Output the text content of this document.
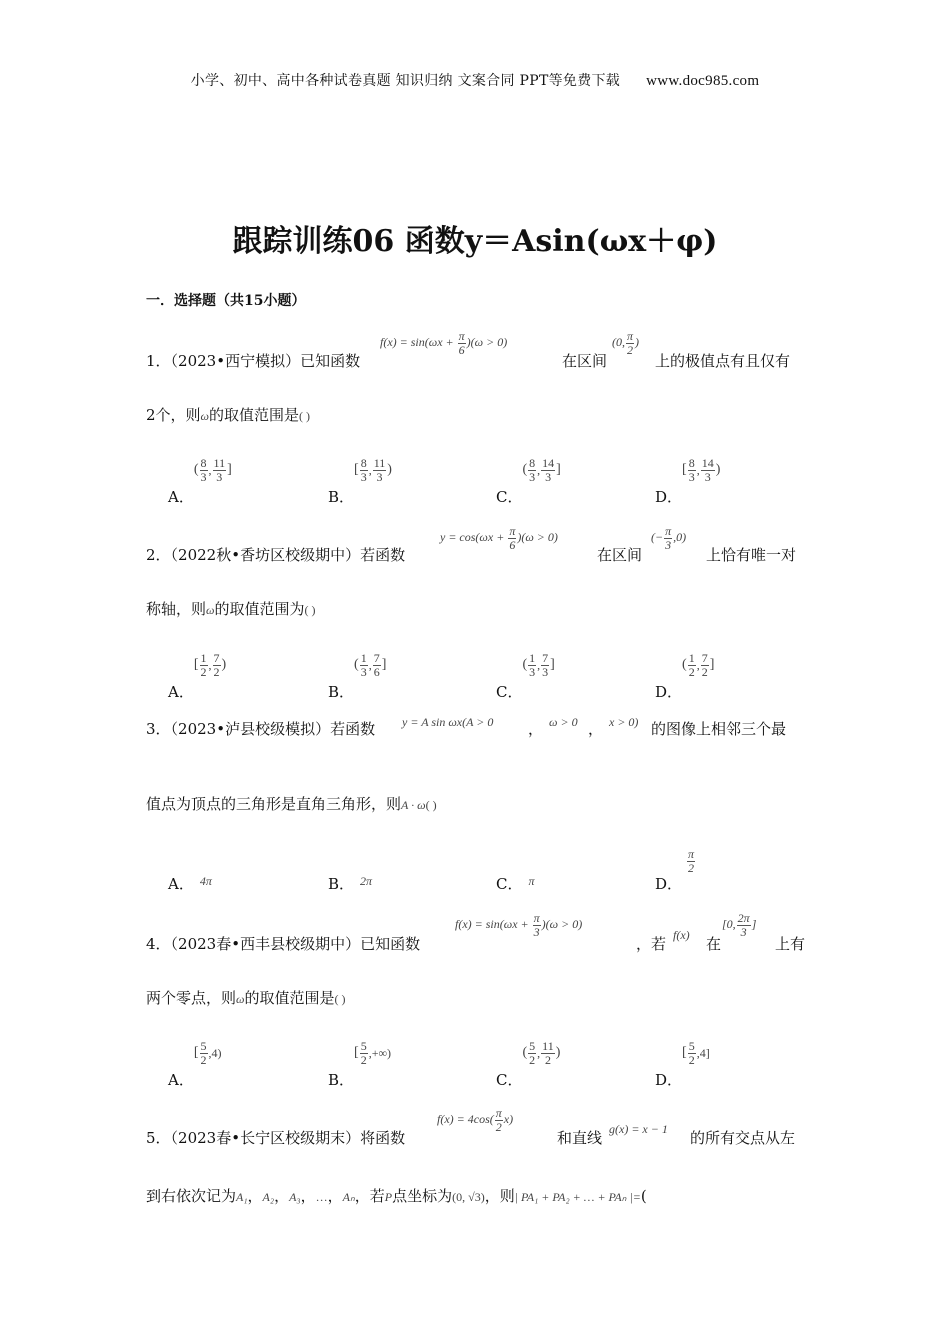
小学、初中、高中各种试卷真题 知识归纳 文案合同 PPT等免费下载 www.doc985.com
跟踪训练06 函数y＝Asin(ωx＋φ)
一．选择题（共15小题）
1．（2023•西宁模拟）已知函数
$f(x) = \sin(\omega x + \frac{\pi}{6} )(\omega > 0)$
在区间
(0, $\frac{\pi}{2}$ )
上的极值点有且仅有
2个，则ω的取值范围是( )
A．( $\frac{8}{3}$ , $\frac{11}{3}$ ]
B．[ $\frac{8}{3}$ , $\frac{11}{3}$ )
C．( $\frac{8}{3}$ , $\frac{14}{3}$ ]
D．[ $\frac{8}{3}$ , $\frac{14}{3}$ )
2．（2022秋•香坊区校级期中）若函数
$y = \cos(\omega x + \frac{\pi}{6} )(\omega > 0)$
在区间
(− $\frac{\pi}{3} ,0$)
上恰有唯一对
称轴，则ω的取值范围为( )
A．[ $\frac{1}{2}$ , $\frac{7}{2}$ )
B．( $\frac{1}{3}$ , $\frac{7}{6}$ ]
C．( $\frac{1}{3}$ , $\frac{7}{3}$ ]
D．( $\frac{1}{2}$ , $\frac{7}{2}$ ]
3．（2023•泸县校级模拟）若函数 y = A sin ωx(A > 0 ， ω > 0 ， x > 0) 的图像上相邻三个最
值点为顶点的三角形是直角三角形，则A · ω( )
A． $^{4\pi}$	B． $^{2\pi}$	C． $^\pi$	D．
$\frac{\pi}{2}$
4．（2023春•西丰县校级期中）已知函数
$f(x) = \sin(\omega x + \frac{\pi}{3} )(\omega > 0)$
，若 f(x) 在
[0, $\frac{2\pi}{3}$ ]
上有
两个零点，则ω的取值范围是( )
A．[ $\frac{5}{2} ,4$)
B．[ $\frac{5}{2}$ ,+∞)
C．( $\frac{5}{2}$ , $\frac{11}{2}$ )
D．[ $\frac{5}{2} ,4$]
5．（2023春•长宁区校级期末）将函数
$f(x) = 4\cos( \frac{\pi}{2} x)$
和直线 g(x) = x − 1 的所有交点从左
到右依次记为A₁，A₂，A₃，…，Aₙ，若P点坐标为(0, √3)，则| PA₁ + PA₂ + … + PAₙ |=(
